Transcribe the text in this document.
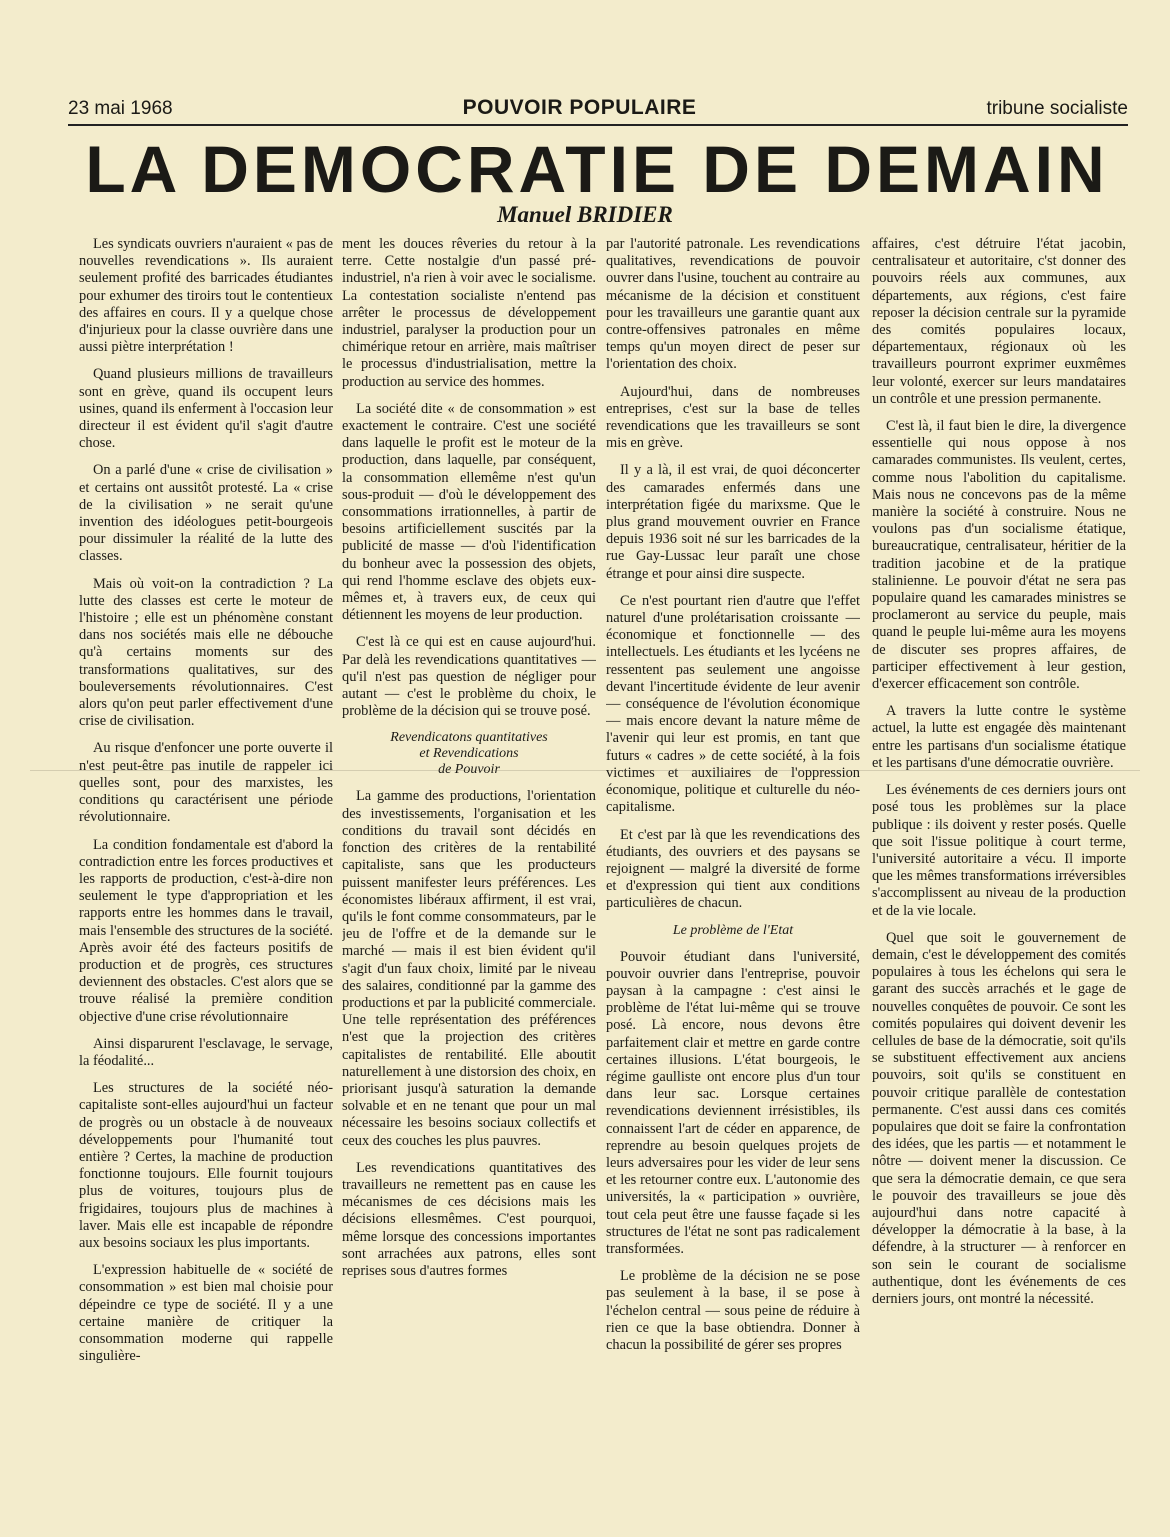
23 mai 1968	POUVOIR POPULAIRE	tribune socialiste
LA DEMOCRATIE DE DEMAIN
Manuel BRIDIER

Les syndicats ouvriers n'auraient « pas de nouvelles revendications ». Ils auraient seulement profité des barricades étudiantes pour exhumer des tiroirs tout le contentieux des affaires en cours. Il y a quelque chose d'injurieux pour la classe ouvrière dans une aussi piètre interprétation !

Quand plusieurs millions de travailleurs sont en grève, quand ils occupent leurs usines, quand ils enferment à l'occasion leur directeur il est évident qu'il s'agit d'autre chose.

On a parlé d'une « crise de civilisation » et certains ont aussitôt protesté. La « crise de la civilisation » ne serait qu'une invention des idéologues petit-bourgeois pour dissimuler la réalité de la lutte des classes.

Mais où voit-on la contradiction ? La lutte des classes est certe le moteur de l'histoire ; elle est un phénomène constant dans nos sociétés mais elle ne débouche qu'à certains moments sur des transformations qualitatives, sur des bouleversements révolutionnaires. C'est alors qu'on peut parler effectivement d'une crise de civilisation.

Au risque d'enfoncer une porte ouverte il n'est peut-être pas inutile de rappeler ici quelles sont, pour des marxistes, les conditions qu caractérisent une période révolutionnaire.

La condition fondamentale est d'abord la contradiction entre les forces productives et les rapports de production, c'est-à-dire non seulement le type d'appropriation et les rapports entre les hommes dans le travail, mais l'ensemble des structures de la société. Après avoir été des facteurs positifs de production et de progrès, ces structures deviennent des obstacles. C'est alors que se trouve réalisé la première condition objective d'une crise révolutionnaire

Ainsi disparurent l'esclavage, le servage, la féodalité...

Les structures de la société néo-capitaliste sont-elles aujourd'hui un facteur de progrès ou un obstacle à de nouveaux développements pour l'humanité tout entière ? Certes, la machine de production fonctionne toujours. Elle fournit toujours plus de voitures, toujours plus de frigidaires, toujours plus de machines à laver. Mais elle est incapable de répondre aux besoins sociaux les plus importants.

L'expression habituelle de « société de consommation » est bien mal choisie pour dépeindre ce type de société. Il y a une certaine manière de critiquer la consommation moderne qui rappelle singulière-

ment les douces rêveries du retour à la terre. Cette nostalgie d'un passé pré-industriel, n'a rien à voir avec le socialisme. La contestation socialiste n'entend pas arrêter le processus de développement industriel, paralyser la production pour un chimérique retour en arrière, mais maîtriser le processus d'industrialisation, mettre la production au service des hommes.

La société dite « de consommation » est exactement le contraire. C'est une société dans laquelle le profit est le moteur de la production, dans laquelle, par conséquent, la consommation ellemême n'est qu'un sous-produit — d'où le développement des consommations irrationnelles, à partir de besoins artificiellement suscités par la publicité de masse — d'où l'identification du bonheur avec la possession des objets, qui rend l'homme esclave des objets eux-mêmes et, à travers eux, de ceux qui détiennent les moyens de leur production.

C'est là ce qui est en cause aujourd'hui. Par delà les revendications quantitatives — qu'il n'est pas question de négliger pour autant — c'est le problème du choix, le problème de la décision qui se trouve posé.

Revendicatons quantitatives
et Revendications
de Pouvoir

La gamme des productions, l'orientation des investissements, l'organisation et les conditions du travail sont décidés en fonction des critères de la rentabilité capitaliste, sans que les producteurs puissent manifester leurs préférences. Les économistes libéraux affirment, il est vrai, qu'ils le font comme consommateurs, par le jeu de l'offre et de la demande sur le marché — mais il est bien évident qu'il s'agit d'un faux choix, limité par le niveau des salaires, conditionné par la gamme des productions et par la publicité commerciale. Une telle représentation des préférences n'est que la projection des critères capitalistes de rentabilité. Elle aboutit naturellement à une distorsion des choix, en priorisant jusqu'à saturation la demande solvable et en ne tenant que pour un mal nécessaire les besoins sociaux collectifs et ceux des couches les plus pauvres.

Les revendications quantitatives des travailleurs ne remettent pas en cause les mécanismes de ces décisions mais les décisions ellesmêmes. C'est pourquoi, même lorsque des concessions importantes sont arrachées aux patrons, elles sont reprises sous d'autres formes

par l'autorité patronale. Les revendications qualitatives, revendications de pouvoir ouvrer dans l'usine, touchent au contraire au mécanisme de la décision et constituent pour les travailleurs une garantie quant aux contre-offensives patronales en même temps qu'un moyen direct de peser sur l'orientation des choix.

Aujourd'hui, dans de nombreuses entreprises, c'est sur la base de telles revendications que les travailleurs se sont mis en grève.

Il y a là, il est vrai, de quoi déconcerter des camarades enfermés dans une interprétation figée du marixsme. Que le plus grand mouvement ouvrier en France depuis 1936 soit né sur les barricades de la rue Gay-Lussac leur paraît une chose étrange et pour ainsi dire suspecte.

Ce n'est pourtant rien d'autre que l'effet naturel d'une prolétarisation croissante — économique et fonctionnelle — des intellectuels. Les étudiants et les lycéens ne ressentent pas seulement une angoisse devant l'incertitude évidente de leur avenir — conséquence de l'évolution économique — mais encore devant la nature même de l'avenir qui leur est promis, en tant que futurs « cadres » de cette société, à la fois victimes et auxiliaires de l'oppression économique, politique et culturelle du néo-capitalisme.

Et c'est par là que les revendications des étudiants, des ouvriers et des paysans se rejoignent — malgré la diversité de forme et d'expression qui tient aux conditions particulières de chacun.

Le problème de l'Etat

Pouvoir étudiant dans l'université, pouvoir ouvrier dans l'entreprise, pouvoir paysan à la campagne : c'est ainsi le problème de l'état lui-même qui se trouve posé. Là encore, nous devons être parfaitement clair et mettre en garde contre certaines illusions. L'état bourgeois, le régime gaulliste ont encore plus d'un tour dans leur sac. Lorsque certaines revendications deviennent irrésistibles, ils connaissent l'art de céder en apparence, de reprendre au besoin quelques projets de leurs adversaires pour les vider de leur sens et les retourner contre eux. L'autonomie des universités, la « participation » ouvrière, tout cela peut être une fausse façade si les structures de l'état ne sont pas radicalement transformées.

Le problème de la décision ne se pose pas seulement à la base, il se pose à l'échelon central — sous peine de réduire à rien ce que la base obtiendra. Donner à chacun la possibilité de gérer ses propres

affaires, c'est détruire l'état jacobin, centralisateur et autoritaire, c'st donner des pouvoirs réels aux communes, aux départements, aux régions, c'est faire reposer la décision centrale sur la pyramide des comités populaires locaux, départementaux, régionaux où les travailleurs pourront exprimer euxmêmes leur volonté, exercer sur leurs mandataires un contrôle et une pression permanente.

C'est là, il faut bien le dire, la divergence essentielle qui nous oppose à nos camarades communistes. Ils veulent, certes, comme nous l'abolition du capitalisme. Mais nous ne concevons pas de la même manière la société à construire. Nous ne voulons pas d'un socialisme étatique, bureaucratique, centralisateur, héritier de la tradition jacobine et de la pratique stalinienne. Le pouvoir d'état ne sera pas populaire quand les camarades ministres se proclameront au service du peuple, mais quand le peuple lui-même aura les moyens de discuter ses propres affaires, de participer effectivement à leur gestion, d'exercer efficacement son contrôle.

A travers la lutte contre le système actuel, la lutte est engagée dès maintenant entre les partisans d'un socialisme étatique et les partisans d'une démocratie ouvrière.

Les événements de ces derniers jours ont posé tous les problèmes sur la place publique : ils doivent y rester posés. Quelle que soit l'issue politique à court terme, l'université autoritaire a vécu. Il importe que les mêmes transformations irréversibles s'accomplissent au niveau de la production et de la vie locale.

Quel que soit le gouvernement de demain, c'est le développement des comités populaires à tous les échelons qui sera le garant des succès arrachés et le gage de nouvelles conquêtes de pouvoir. Ce sont les comités populaires qui doivent devenir les cellules de base de la démocratie, soit qu'ils se substituent effectivement aux anciens pouvoirs, soit qu'ils se constituent en pouvoir critique parallèle de contestation permanente. C'est aussi dans ces comités populaires que doit se faire la confrontation des idées, que les partis — et notamment le nôtre — doivent mener la discussion. Ce que sera la démocratie demain, ce que sera le pouvoir des travailleurs se joue dès aujourd'hui dans notre capacité à développer la démocratie à la base, à la défendre, à la structurer — à renforcer en son sein le courant de socialisme authentique, dont les événements de ces derniers jours, ont montré la nécessité.
